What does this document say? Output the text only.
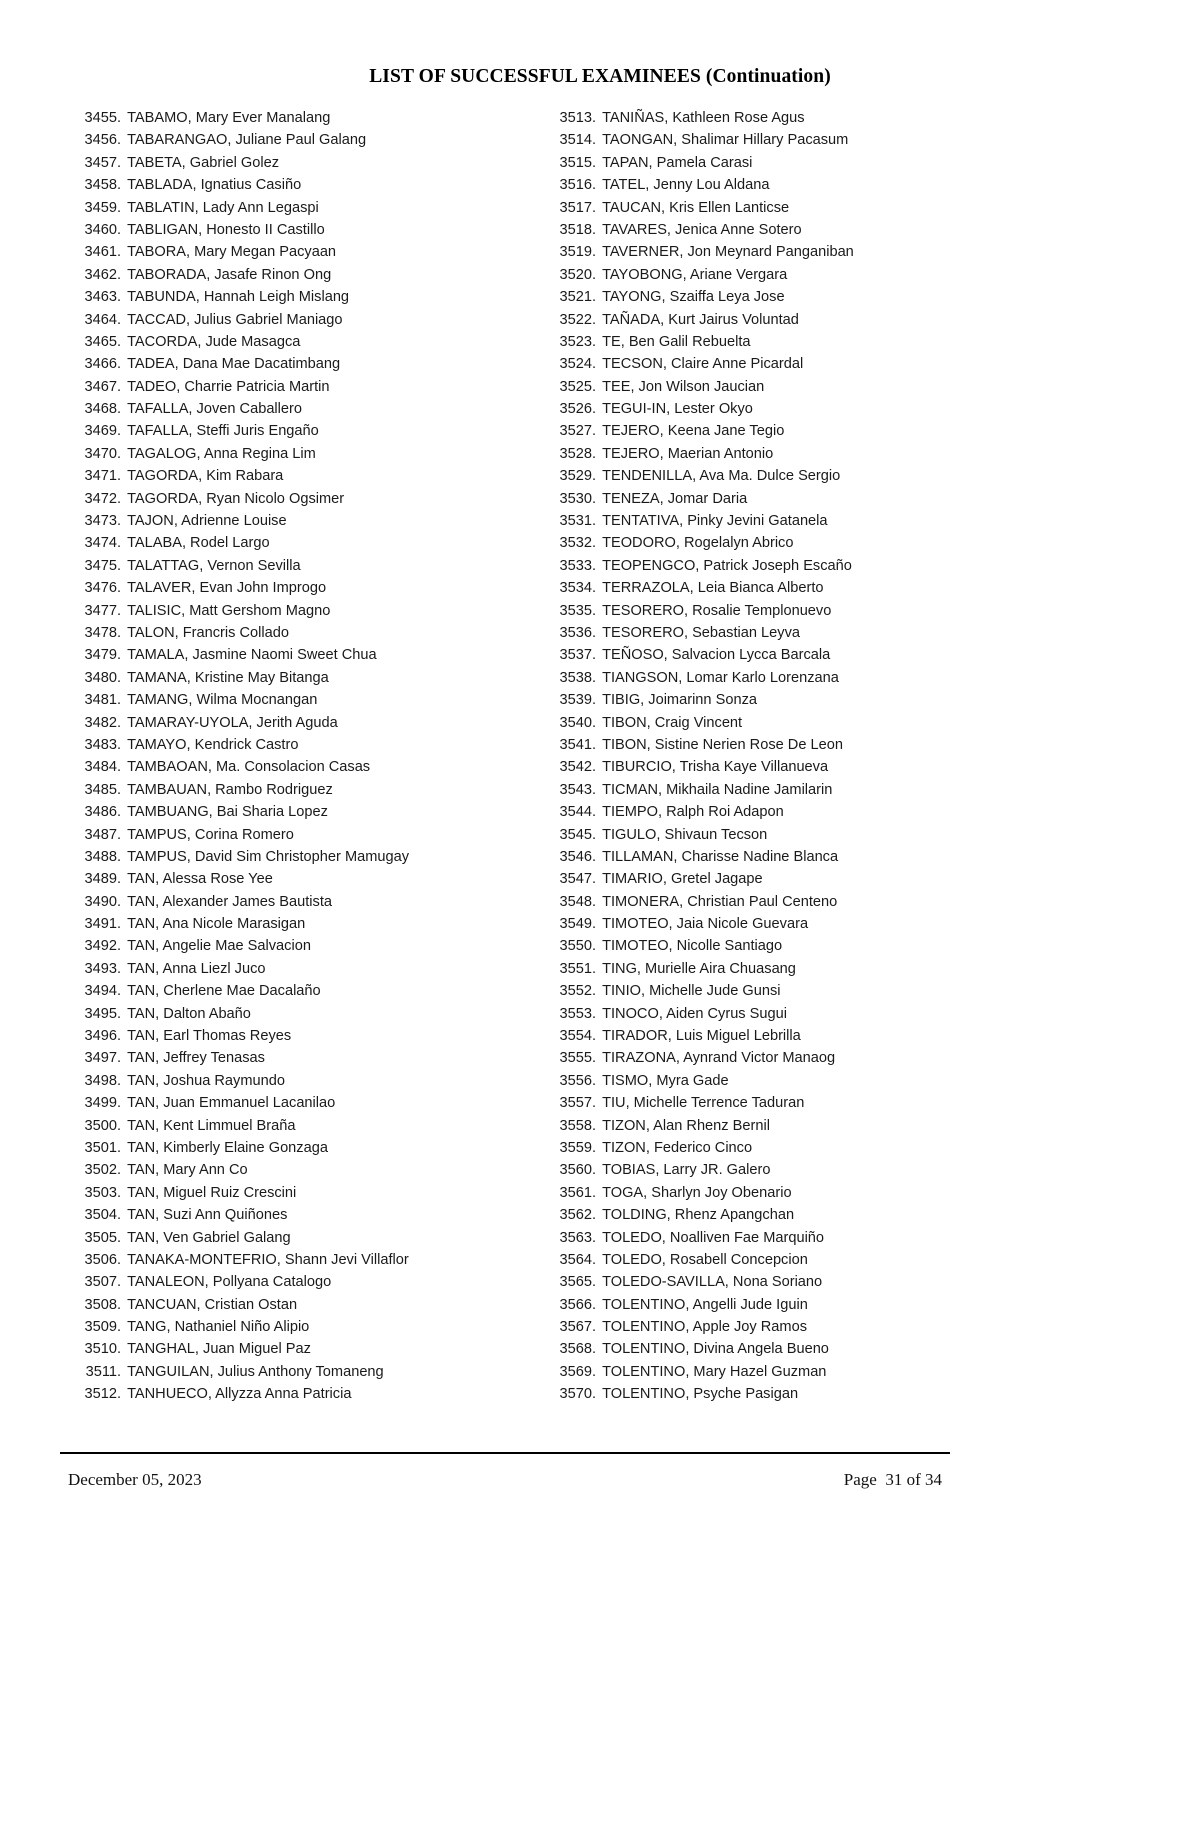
LIST OF SUCCESSFUL EXAMINEES (Continuation)
3455 . TABAMO, Mary Ever Manalang
3456 . TABARANGAO, Juliane Paul Galang
3457 . TABETA, Gabriel Golez
3458 . TABLADA, Ignatius Casiño
3459 . TABLATIN, Lady Ann Legaspi
3460 . TABLIGAN, Honesto II Castillo
3461 . TABORA, Mary Megan Pacyaan
3462 . TABORADA, Jasafe Rinon Ong
3463 . TABUNDA, Hannah Leigh Mislang
3464 . TACCAD, Julius Gabriel Maniago
3465 . TACORDA, Jude Masagca
3466 . TADEA, Dana Mae Dacatimbang
3467 . TADEO, Charrie Patricia Martin
3468 . TAFALLA, Joven Caballero
3469 . TAFALLA, Steffi Juris Engaño
3470 . TAGALOG, Anna Regina Lim
3471 . TAGORDA, Kim Rabara
3472 . TAGORDA, Ryan Nicolo Ogsimer
3473 . TAJON, Adrienne Louise
3474 . TALABA, Rodel Largo
3475 . TALATTAG, Vernon Sevilla
3476 . TALAVER, Evan John Improgo
3477 . TALISIC, Matt Gershom Magno
3478 . TALON, Francris Collado
3479 . TAMALA, Jasmine Naomi Sweet Chua
3480 . TAMANA, Kristine May Bitanga
3481 . TAMANG, Wilma Mocnangan
3482 . TAMARAY-UYOLA, Jerith Aguda
3483 . TAMAYO, Kendrick Castro
3484 . TAMBAOAN, Ma. Consolacion Casas
3485 . TAMBAUAN, Rambo Rodriguez
3486 . TAMBUANG, Bai Sharia Lopez
3487 . TAMPUS, Corina Romero
3488 . TAMPUS, David Sim Christopher Mamugay
3489 . TAN, Alessa Rose Yee
3490 . TAN, Alexander James Bautista
3491 . TAN, Ana Nicole Marasigan
3492 . TAN, Angelie Mae Salvacion
3493 . TAN, Anna Liezl Juco
3494 . TAN, Cherlene Mae Dacalaño
3495 . TAN, Dalton Abaño
3496 . TAN, Earl Thomas Reyes
3497 . TAN, Jeffrey Tenasas
3498 . TAN, Joshua Raymundo
3499 . TAN, Juan Emmanuel Lacanilao
3500 . TAN, Kent Limmuel Braña
3501 . TAN, Kimberly Elaine Gonzaga
3502 . TAN, Mary Ann Co
3503 . TAN, Miguel Ruiz Crescini
3504 . TAN, Suzi Ann Quiñones
3505 . TAN, Ven Gabriel Galang
3506 . TANAKA-MONTEFRIO, Shann Jevi Villaflor
3507 . TANALEON, Pollyana Catalogo
3508 . TANCUAN, Cristian Ostan
3509 . TANG, Nathaniel Niño Alipio
3510 . TANGHAL, Juan Miguel Paz
3511 . TANGUILAN, Julius Anthony Tomaneng
3512 . TANHUECO, Allyzza Anna Patricia
3513 . TANIÑAS, Kathleen Rose Agus
3514 . TAONGAN, Shalimar Hillary Pacasum
3515 . TAPAN, Pamela Carasi
3516 . TATEL, Jenny Lou Aldana
3517 . TAUCAN, Kris Ellen Lanticse
3518 . TAVARES, Jenica Anne Sotero
3519 . TAVERNER, Jon Meynard Panganiban
3520 . TAYOBONG, Ariane Vergara
3521 . TAYONG, Szaiffa Leya Jose
3522 . TAÑADA, Kurt Jairus Voluntad
3523 . TE, Ben Galil Rebuelta
3524 . TECSON, Claire Anne Picardal
3525 . TEE, Jon Wilson Jaucian
3526 . TEGUI-IN, Lester Okyo
3527 . TEJERO, Keena Jane Tegio
3528 . TEJERO, Maerian Antonio
3529 . TENDENILLA, Ava Ma. Dulce Sergio
3530 . TENEZA, Jomar Daria
3531 . TENTATIVA, Pinky Jevini Gatanela
3532 . TEODORO, Rogelalyn Abrico
3533 . TEOPENGCO, Patrick Joseph Escaño
3534 . TERRAZOLA, Leia Bianca Alberto
3535 . TESORERO, Rosalie Templonuevo
3536 . TESORERO, Sebastian Leyva
3537 . TEÑOSO, Salvacion Lycca Barcala
3538 . TIANGSON, Lomar Karlo Lorenzana
3539 . TIBIG, Joimarinn Sonza
3540 . TIBON, Craig Vincent
3541 . TIBON, Sistine Nerien Rose De Leon
3542 . TIBURCIO, Trisha Kaye Villanueva
3543 . TICMAN, Mikhaila Nadine Jamilarin
3544 . TIEMPO, Ralph Roi Adapon
3545 . TIGULO, Shivaun Tecson
3546 . TILLAMAN, Charisse Nadine Blanca
3547 . TIMARIO, Gretel Jagape
3548 . TIMONERA, Christian Paul Centeno
3549 . TIMOTEO, Jaia Nicole Guevara
3550 . TIMOTEO, Nicolle Santiago
3551 . TING, Murielle Aira Chuasang
3552 . TINIO, Michelle Jude Gunsi
3553 . TINOCO, Aiden Cyrus Sugui
3554 . TIRADOR, Luis Miguel Lebrilla
3555 . TIRAZONA, Aynrand Victor Manaog
3556 . TISMO, Myra Gade
3557 . TIU, Michelle Terrence Taduran
3558 . TIZON, Alan Rhenz Bernil
3559 . TIZON, Federico Cinco
3560 . TOBIAS, Larry JR. Galero
3561 . TOGA, Sharlyn Joy Obenario
3562 . TOLDING, Rhenz Apangchan
3563 . TOLEDO, Noalliven Fae Marquiño
3564 . TOLEDO, Rosabell Concepcion
3565 . TOLEDO-SAVILLA, Nona Soriano
3566 . TOLENTINO, Angelli Jude Iguin
3567 . TOLENTINO, Apple Joy Ramos
3568 . TOLENTINO, Divina Angela Bueno
3569 . TOLENTINO, Mary Hazel Guzman
3570 . TOLENTINO, Psyche Pasigan
December 05, 2023	Page  31 of 34
